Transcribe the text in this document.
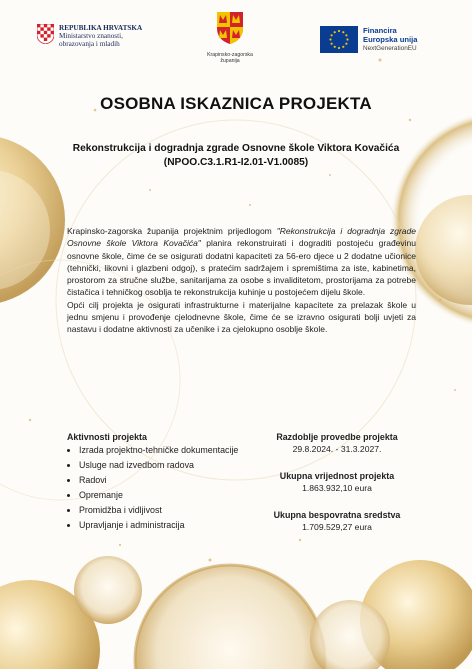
REPUBLIKA HRVATSKA
Ministarstvo znanosti,
obrazovanja i mladih
Krapinsko-zagorska
županija
Financira
Europska unija
NextGenerationEU
OSOBNA ISKAZNICA PROJEKTA
Rekonstrukcija i dogradnja zgrade Osnovne škole Viktora Kovačića
(NPOO.C3.1.R1-I2.01-V1.0085)

Krapinsko-zagorska županija projektnim prijedlogom "Rekonstrukcija i dogradnja zgrade Osnovne škole Viktora Kovačića" planira rekonstruirati i dograditi postojeću građevinu osnovne škole, čime će se osigurati dodatni kapaciteti za 56-ero djece u 2 dodatne učionice (tehnički, likovni i glazbeni odgoj), s pratećim sadržajem i spremištima za iste, kabinetima, prostorom za stručne službe, sanitarijama za osobe s invaliditetom, prostorijama za potrebe čistačica i tehničkog osoblja te rekonstrukcija kuhinje u postojećem dijelu škole.

Opći cilj projekta je osigurati infrastrukturne i materijalne kapacitete za prelazak škole u jednu smjenu i provođenje cjelodnevne škole, čime će se izravno osigurati bolji uvjeti za nastavu i dodatne aktivnosti za učenike i za cjelokupno osoblje škole.

Aktivnosti projekta
• Izrada projektno-tehničke dokumentacije
• Usluge nad izvedbom radova
• Radovi
• Opremanje
• Promidžba i vidljivost
• Upravljanje i administracija
Razdoblje provedbe projekta
29.8.2024. - 31.3.2027.
Ukupna vrijednost projekta
1.863.932,10 eura
Ukupna bespovratna sredstva
1.709.529,27 eura
